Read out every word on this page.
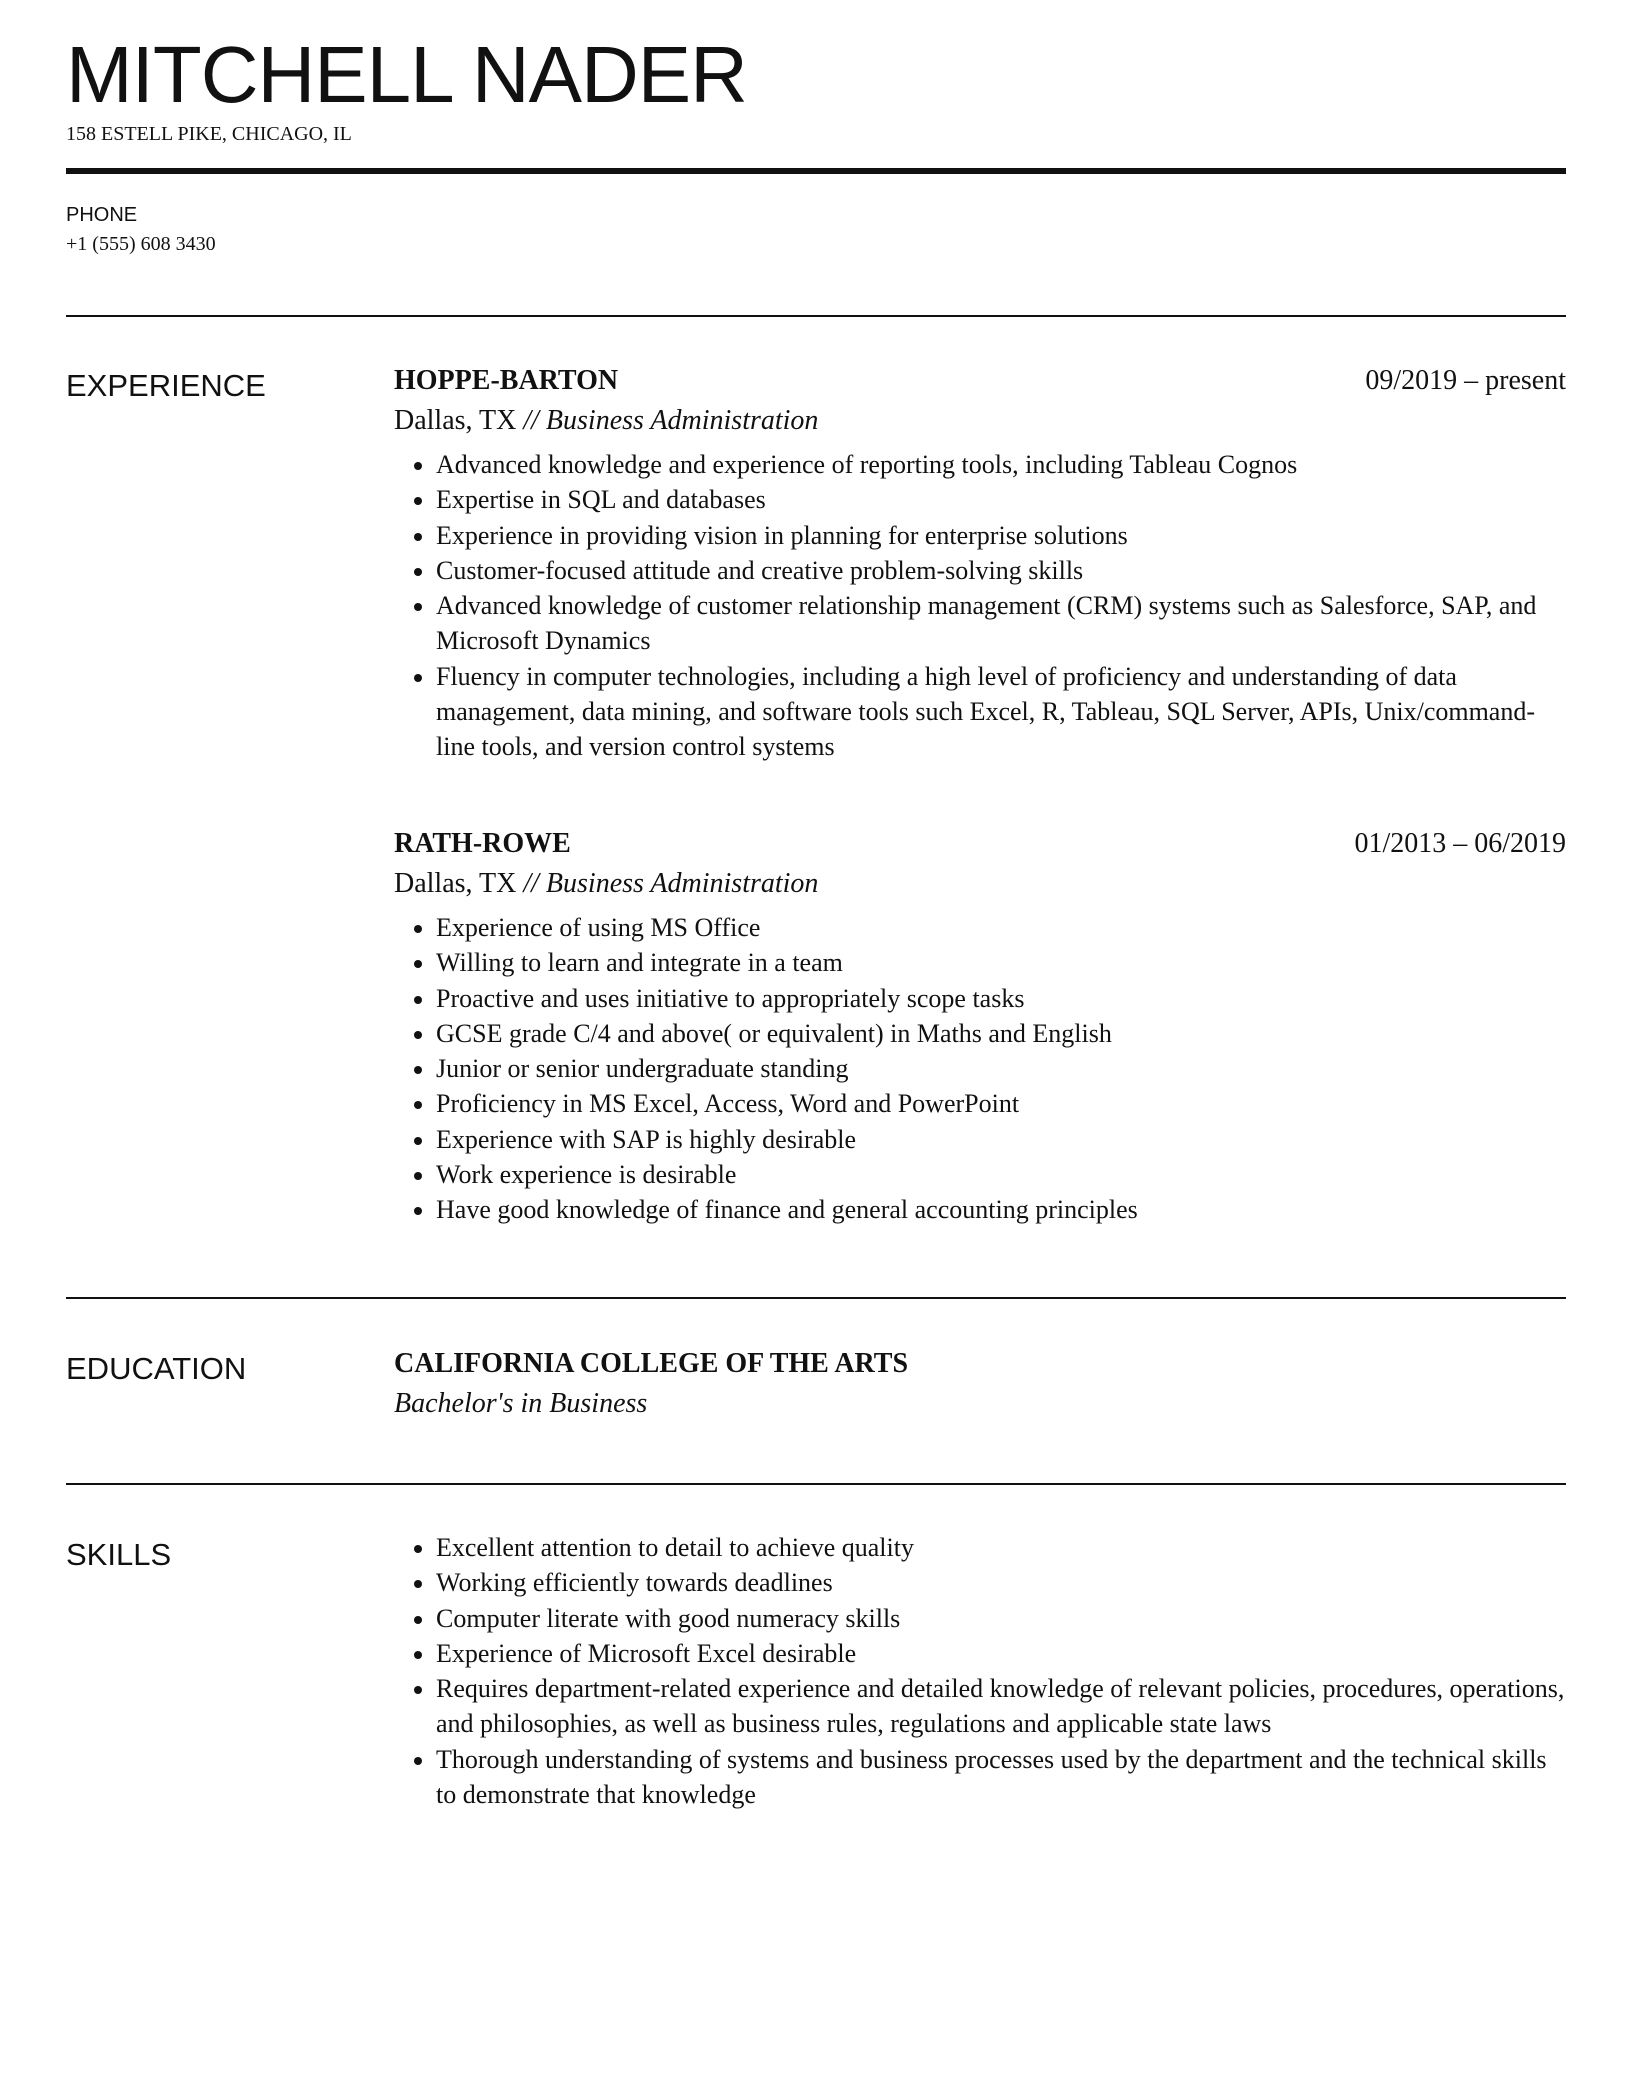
MITCHELL NADER
158 ESTELL PIKE, CHICAGO, IL
PHONE
+1 (555) 608 3430
EXPERIENCE	HOPPE-BARTON	09/2019 – present
Dallas, TX // Business Administration
Advanced knowledge and experience of reporting tools, including Tableau Cognos
Expertise in SQL and databases
Experience in providing vision in planning for enterprise solutions
Customer-focused attitude and creative problem-solving skills
Advanced knowledge of customer relationship management (CRM) systems such as Salesforce, SAP, and Microsoft Dynamics
Fluency in computer technologies, including a high level of proficiency and understanding of data management, data mining, and software tools such Excel, R, Tableau, SQL Server, APIs, Unix/command-line tools, and version control systems
RATH-ROWE	01/2013 – 06/2019
Dallas, TX // Business Administration
Experience of using MS Office
Willing to learn and integrate in a team
Proactive and uses initiative to appropriately scope tasks
GCSE grade C/4 and above( or equivalent) in Maths and English
Junior or senior undergraduate standing
Proficiency in MS Excel, Access, Word and PowerPoint
Experience with SAP is highly desirable
Work experience is desirable
Have good knowledge of finance and general accounting principles
EDUCATION	CALIFORNIA COLLEGE OF THE ARTS
Bachelor's in Business
SKILLS	Excellent attention to detail to achieve quality
Working efficiently towards deadlines
Computer literate with good numeracy skills
Experience of Microsoft Excel desirable
Requires department-related experience and detailed knowledge of relevant policies, procedures, operations, and philosophies, as well as business rules, regulations and applicable state laws
Thorough understanding of systems and business processes used by the department and the technical skills to demonstrate that knowledge
